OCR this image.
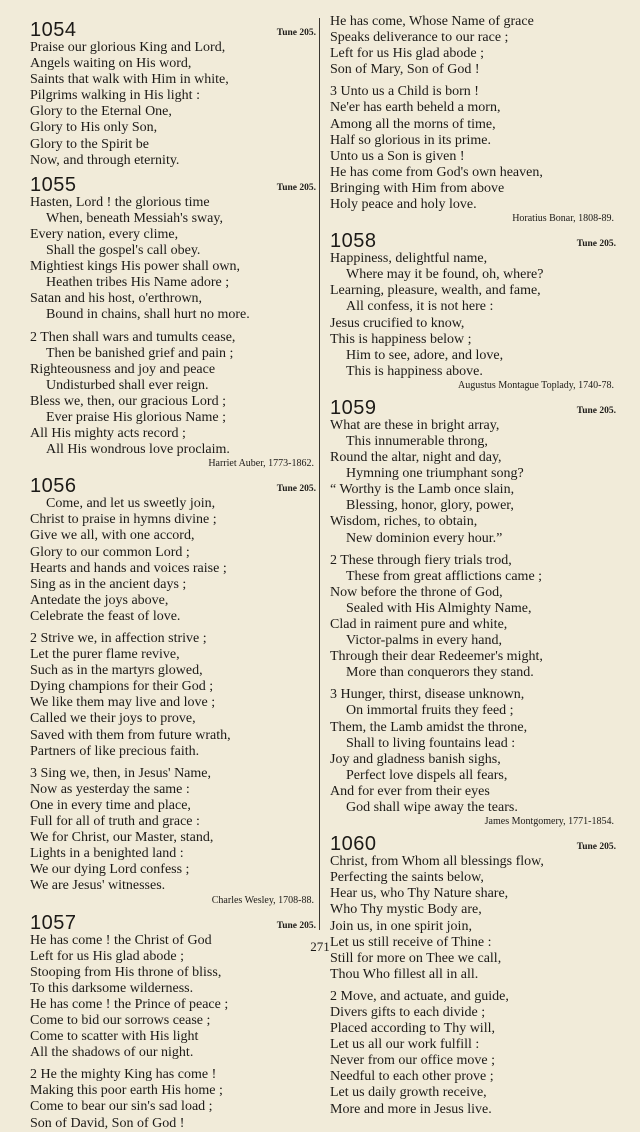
1054	Tune 205.
Praise our glorious King and Lord,
Angels waiting on His word,
Saints that walk with Him in white,
Pilgrims walking in His light :
Glory to the Eternal One,
Glory to His only Son,
Glory to the Spirit be
Now, and through eternity.
1055	Tune 205.
Hasten, Lord ! the glorious time
When, beneath Messiah's sway,
Every nation, every clime,
Shall the gospel's call obey.
Mightiest kings His power shall own,
Heathen tribes His Name adore ;
Satan and his host, o'erthrown,
Bound in chains, shall hurt no more.
2 Then shall wars and tumults cease,
Then be banished grief and pain ;
Righteousness and joy and peace
Undisturbed shall ever reign.
Bless we, then, our gracious Lord ;
Ever praise His glorious Name ;
All His mighty acts record ;
All His wondrous love proclaim.
Harriet Auber, 1773-1862.
1056	Tune 205.
Come, and let us sweetly join,
Christ to praise in hymns divine ;
Give we all, with one accord,
Glory to our common Lord ;
Hearts and hands and voices raise ;
Sing as in the ancient days ;
Antedate the joys above,
Celebrate the feast of love.
2 Strive we, in affection strive ;
Let the purer flame revive,
Such as in the martyrs glowed,
Dying champions for their God ;
We like them may live and love ;
Called we their joys to prove,
Saved with them from future wrath,
Partners of like precious faith.
3 Sing we, then, in Jesus' Name,
Now as yesterday the same :
One in every time and place,
Full for all of truth and grace :
We for Christ, our Master, stand,
Lights in a benighted land :
We our dying Lord confess ;
We are Jesus' witnesses.
Charles Wesley, 1708-88.
1057	Tune 205.
He has come ! the Christ of God
Left for us His glad abode ;
Stooping from His throne of bliss,
To this darksome wilderness.
He has come ! the Prince of peace ;
Come to bid our sorrows cease ;
Come to scatter with His light
All the shadows of our night.
2 He the mighty King has come !
Making this poor earth His home ;
Come to bear our sin's sad load ;
Son of David, Son of God !
He has come, Whose Name of grace
Speaks deliverance to our race ;
Left for us His glad abode ;
Son of Mary, Son of God !
3 Unto us a Child is born !
Ne'er has earth beheld a morn,
Among all the morns of time,
Half so glorious in its prime.
Unto us a Son is given !
He has come from God's own heaven,
Bringing with Him from above
Holy peace and holy love.
Horatius Bonar, 1808-89.
1058	Tune 205.
Happiness, delightful name,
Where may it be found, oh, where?
Learning, pleasure, wealth, and fame,
All confess, it is not here :
Jesus crucified to know,
This is happiness below ;
Him to see, adore, and love,
This is happiness above.
Augustus Montague Toplady, 1740-78.
1059	Tune 205.
What are these in bright array,
This innumerable throng,
Round the altar, night and day,
Hymning one triumphant song?
“ Worthy is the Lamb once slain,
Blessing, honor, glory, power,
Wisdom, riches, to obtain,
New dominion every hour.”
2 These through fiery trials trod,
These from great afflictions came ;
Now before the throne of God,
Sealed with His Almighty Name,
Clad in raiment pure and white,
Victor-palms in every hand,
Through their dear Redeemer's might,
More than conquerors they stand.
3 Hunger, thirst, disease unknown,
On immortal fruits they feed ;
Them, the Lamb amidst the throne,
Shall to living fountains lead :
Joy and gladness banish sighs,
Perfect love dispels all fears,
And for ever from their eyes
God shall wipe away the tears.
James Montgomery, 1771-1854.
1060	Tune 205.
Christ, from Whom all blessings flow,
Perfecting the saints below,
Hear us, who Thy Nature share,
Who Thy mystic Body are,
Join us, in one spirit join,
Let us still receive of Thine :
Still for more on Thee we call,
Thou Who fillest all in all.
2 Move, and actuate, and guide,
Divers gifts to each divide ;
Placed according to Thy will,
Let us all our work fulfill :
Never from our office move ;
Needful to each other prove ;
Let us daily growth receive,
More and more in Jesus live.
271
